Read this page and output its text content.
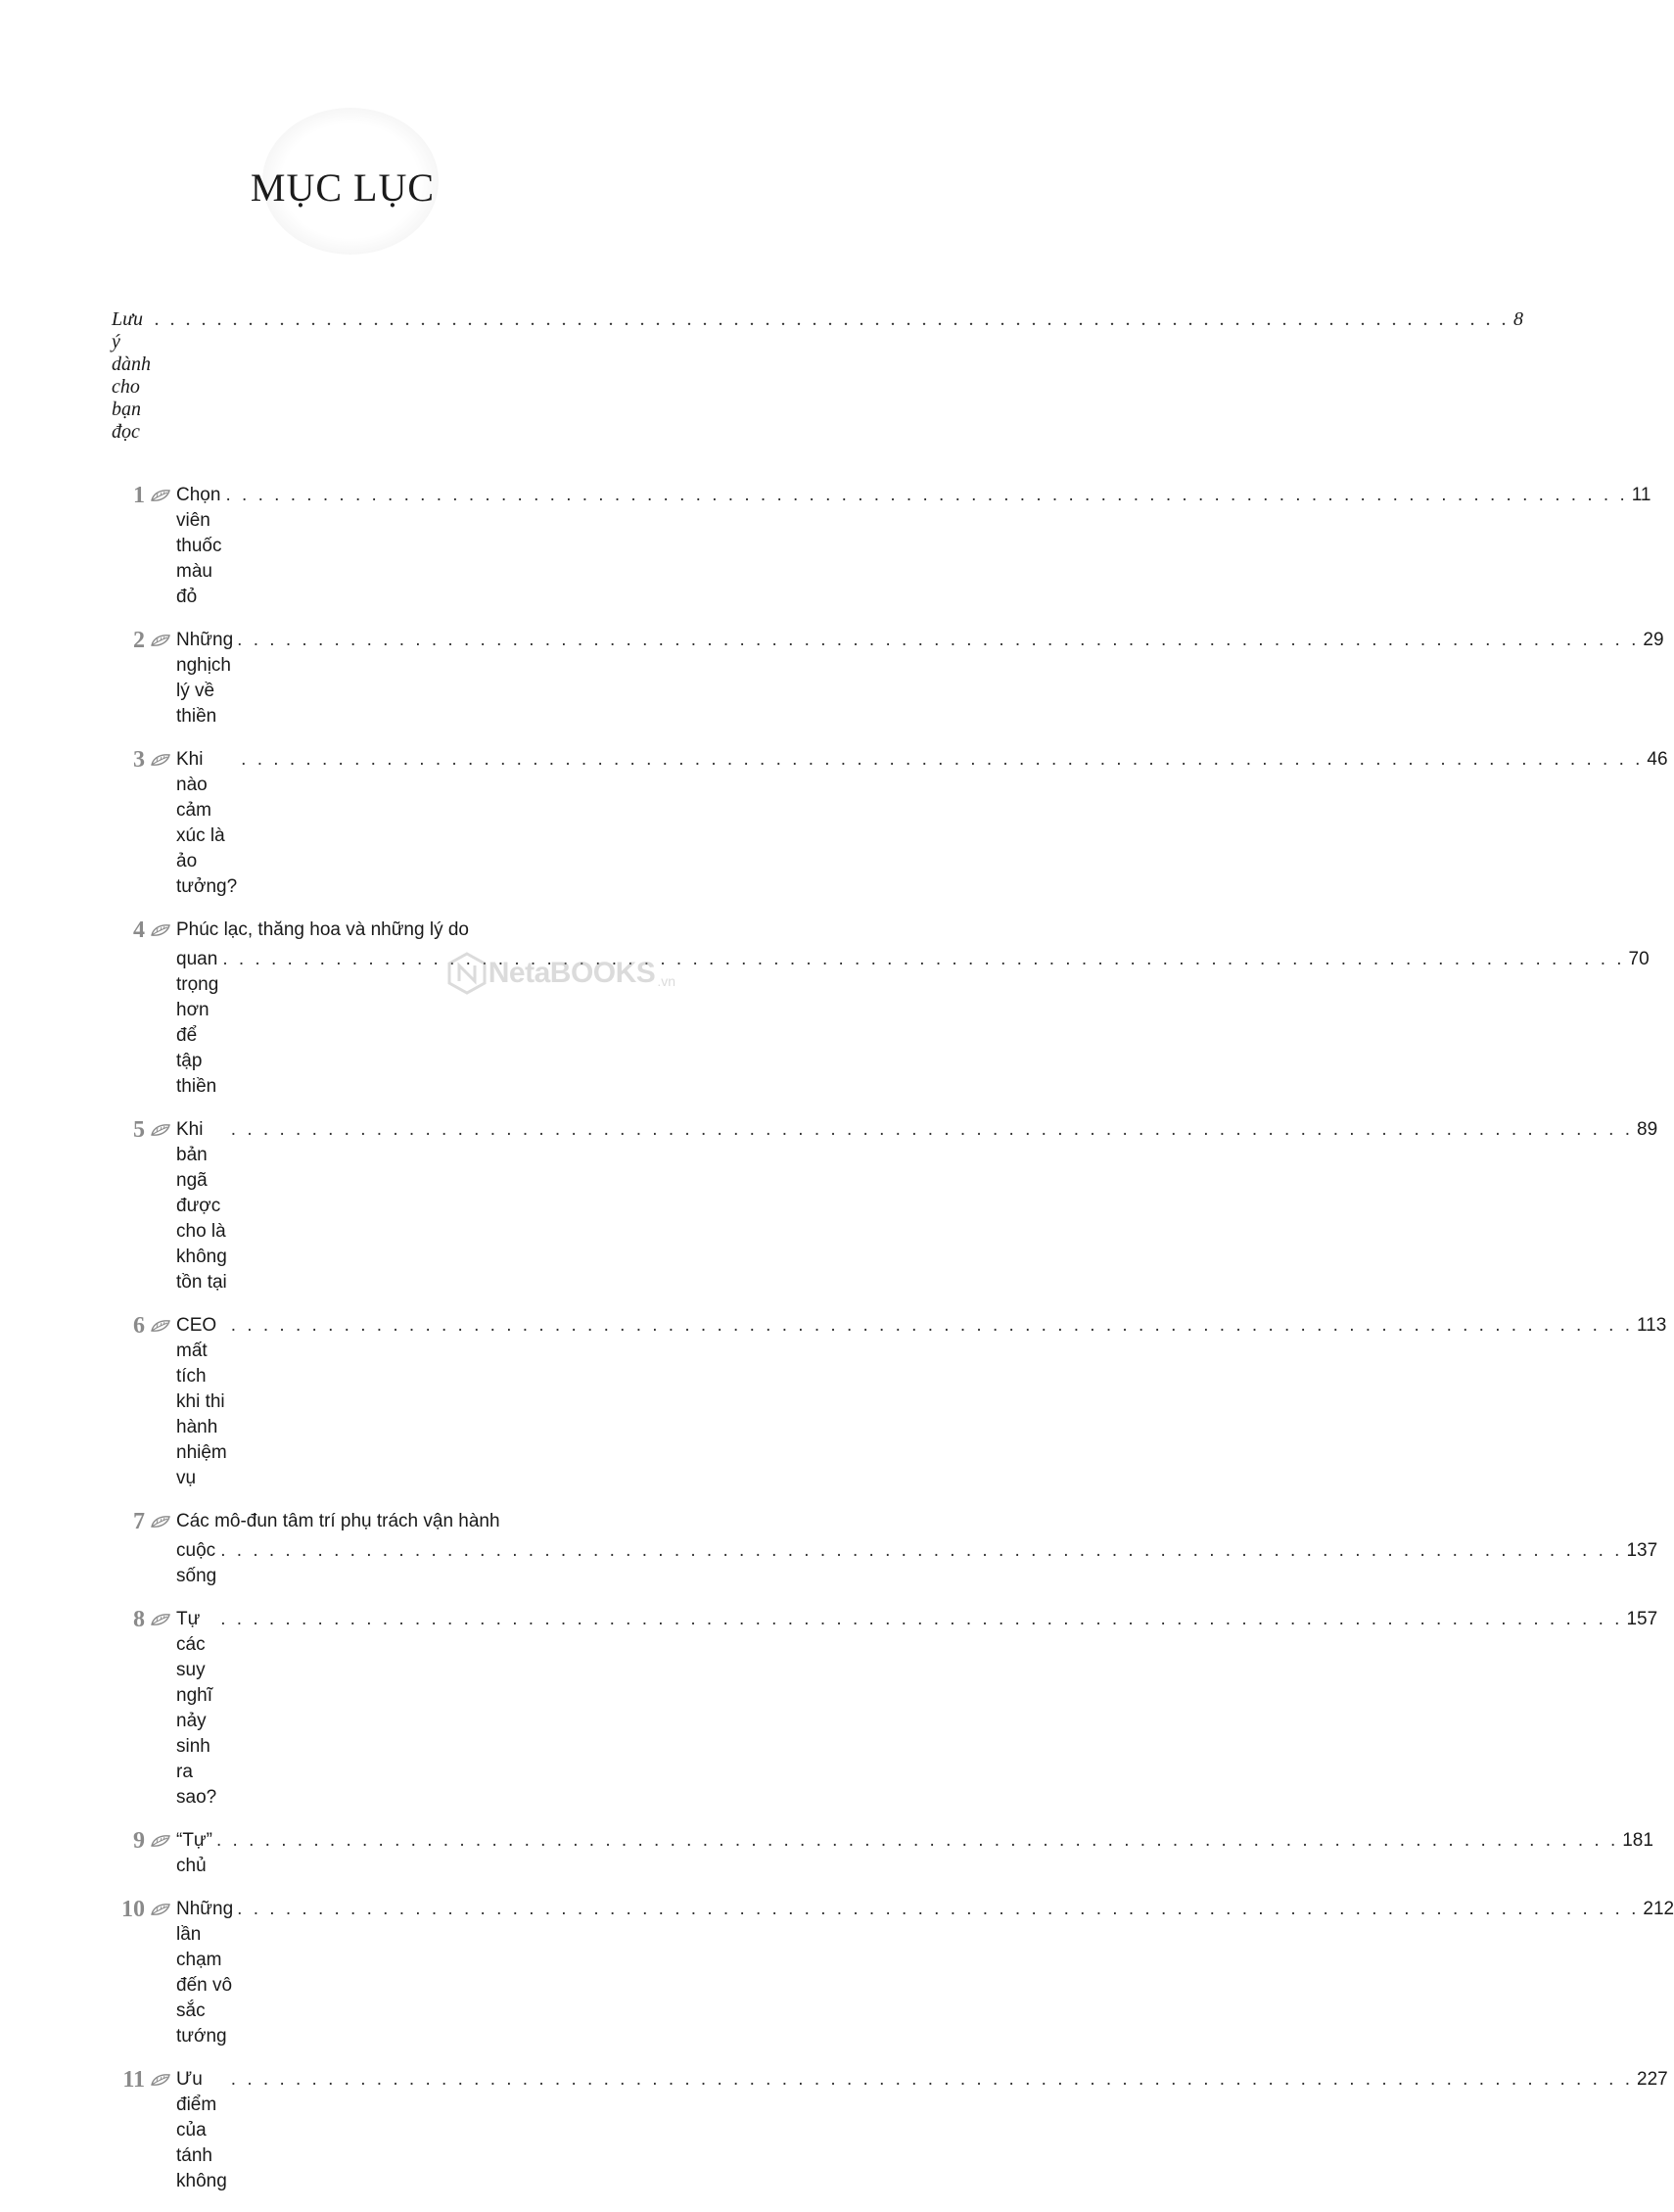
MỤC LỤC
Lưu ý dành cho bạn đọc
. . .
8
1 Chọn viên thuốc màu đỏ
. . .
11
2 Những nghịch lý về thiền
. . .
29
3 Khi nào cảm xúc là ảo tưởng?
. . .
46
4 Phúc lạc, thăng hoa và những lý do
quan trọng hơn để tập thiền
. . .
70
5 Khi bản ngã được cho là không tồn tại
. . .
89
6 CEO mất tích khi thi hành nhiệm vụ
. . .
113
7 Các mô-đun tâm trí phụ trách vận hành
cuộc sống
. . .
137
8 Tự các suy nghĩ nảy sinh ra sao?
. . .
157
9 “Tự” chủ
. . .
181
10 Những lần chạm đến vô sắc tướng
. . .
212
11 Ưu điểm của tánh không
. . .
227
NetaBOOKS .vn
